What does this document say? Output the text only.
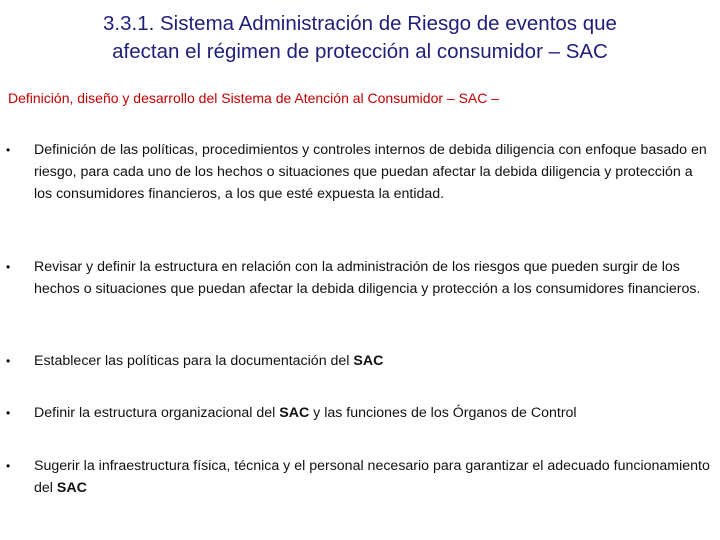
3.3.1. Sistema Administración de Riesgo de eventos que
afectan el régimen de protección al consumidor – SAC
Definición, diseño y desarrollo del Sistema de Atención al Consumidor – SAC –
• Definición de las políticas, procedimientos y controles internos de debida diligencia con enfoque basado en riesgo, para cada uno de los hechos o situaciones que puedan afectar la debida diligencia y protección a los consumidores financieros, a los que esté expuesta la entidad.
• Revisar y definir la estructura en relación con la administración de los riesgos que pueden surgir de los hechos o situaciones que puedan afectar la debida diligencia y protección a los consumidores financieros.
• Establecer las políticas para la documentación del SAC
• Definir la estructura organizacional del SAC y las funciones de los Órganos de Control
• Sugerir la infraestructura física, técnica y el personal necesario para garantizar el adecuado funcionamiento del SAC
